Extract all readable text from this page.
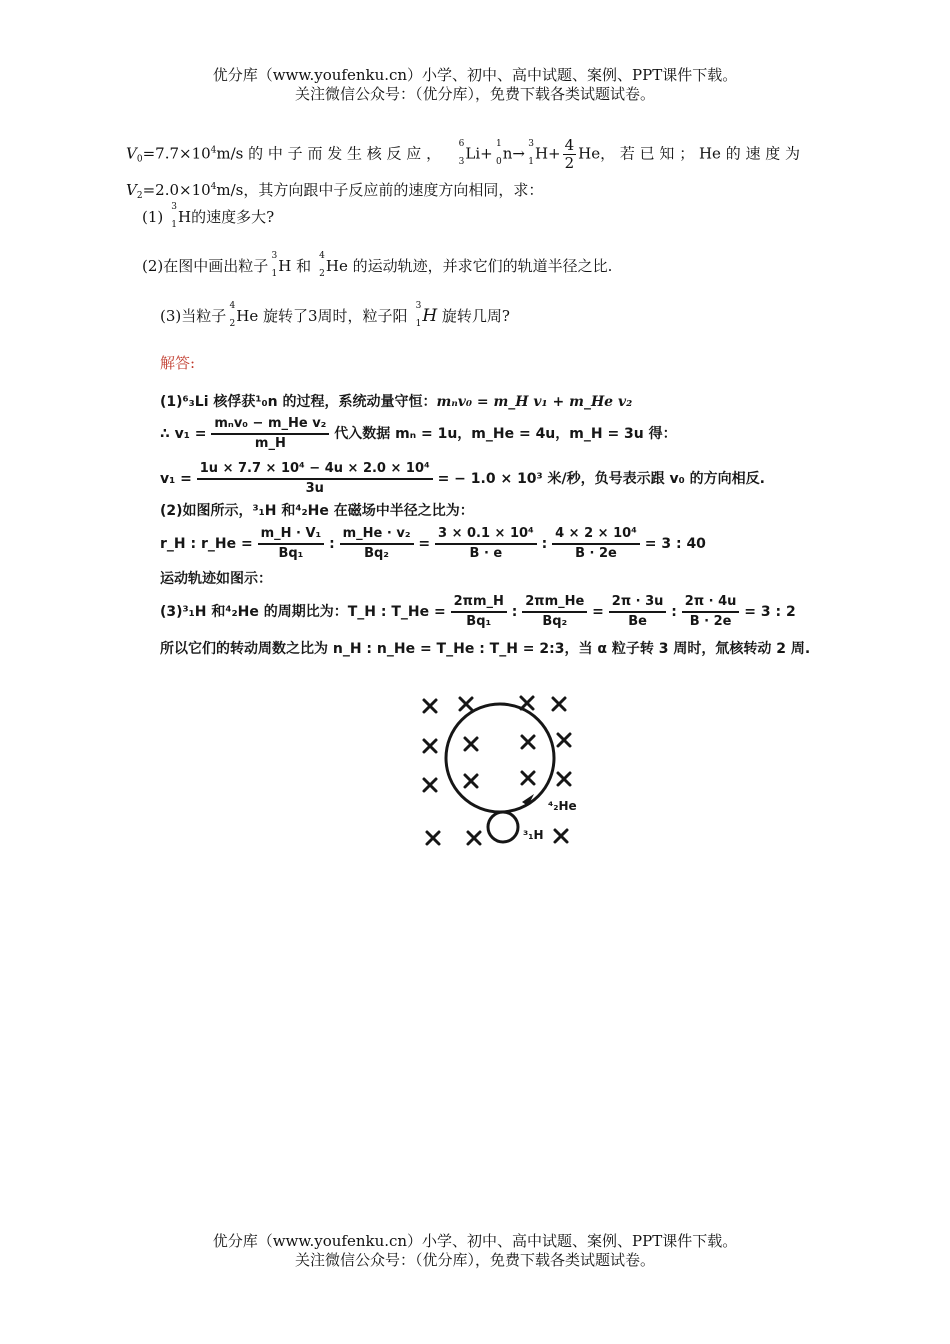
优分库（www.youfenku.cn）小学、初中、高中试题、案例、PPT课件下载。
关注微信公众号：（优分库），免费下载各类试题试卷。
$V_0=7.7\times 10^4m/s$ 的 中 子 而 发 生 核 反 应 ，
6
3 Li+
1
0 n→
3
1 $H+ \frac{4}{2}$ He， 若 已 知 ； He 的 速 度 为
$V_2=2.0\times 10^4m/s$，其方向跟中子反应前的速度方向相同，求：
(1)
3
1 H的速度多大?
(2)在图中画出粒子
3
1 H 和
4
2 He 的运动轨迹，并求它们的轨道半径之比.
(3)当粒子
4
2 He 旋转了3周时，粒子阳
3
1 H 旋转几周?
解答:
(1)⁶₃Li 核俘获¹₀n 的过程，系统动量守恒：mₙv₀ = m_H v₁ + m_He v₂
∴ v₁ =
mₙv₀ − m_He v₂
m_H
代入数据 mₙ = 1u，m_He = 4u，m_H = 3u 得：
$v_1 = \frac{\text{1u × 7.7 × 10⁴ − 4u × 2.0 × 10⁴}}{3u}$ = − 1.0 × 10³ 米/秒，负号表示跟 v₀ 的方向相反.
(2)如图所示，³₁H 和⁴₂He 在磁场中半径之比为：
r_H : r_He = $\frac{\text{m\_H · V₁}}{\text{Bq₁}}$ : $\frac{\text{m\_He · v₂}}{\text{Bq₂}} = \frac{\text{3 × 0.1 × 10⁴}}{B \cdot e}$ : $\frac{\text{4 × 2 × 10⁴}}{B \cdot 2e} = 3$ : 40
运动轨迹如图示：
(3)³₁H 和⁴₂He 的周期比为：T_H : T_He = $\frac{2\pi m\_H}{\text{Bq₁}}$ : $\frac{2\pi m\_He}{\text{Bq₂}} = \frac{2\pi \cdot 3u}{Be}$ : $\frac{2\pi \cdot 4u}{B \cdot 2e} = 3$ : 2
所以它们的转动周数之比为 n_H : n_He = T_He : T_H = 2:3，当 α 粒子转 3 周时，氚核转动 2 周.
⁴₂He
³₁H
优分库（www.youfenku.cn）小学、初中、高中试题、案例、PPT课件下载。
关注微信公众号：（优分库），免费下载各类试题试卷。
